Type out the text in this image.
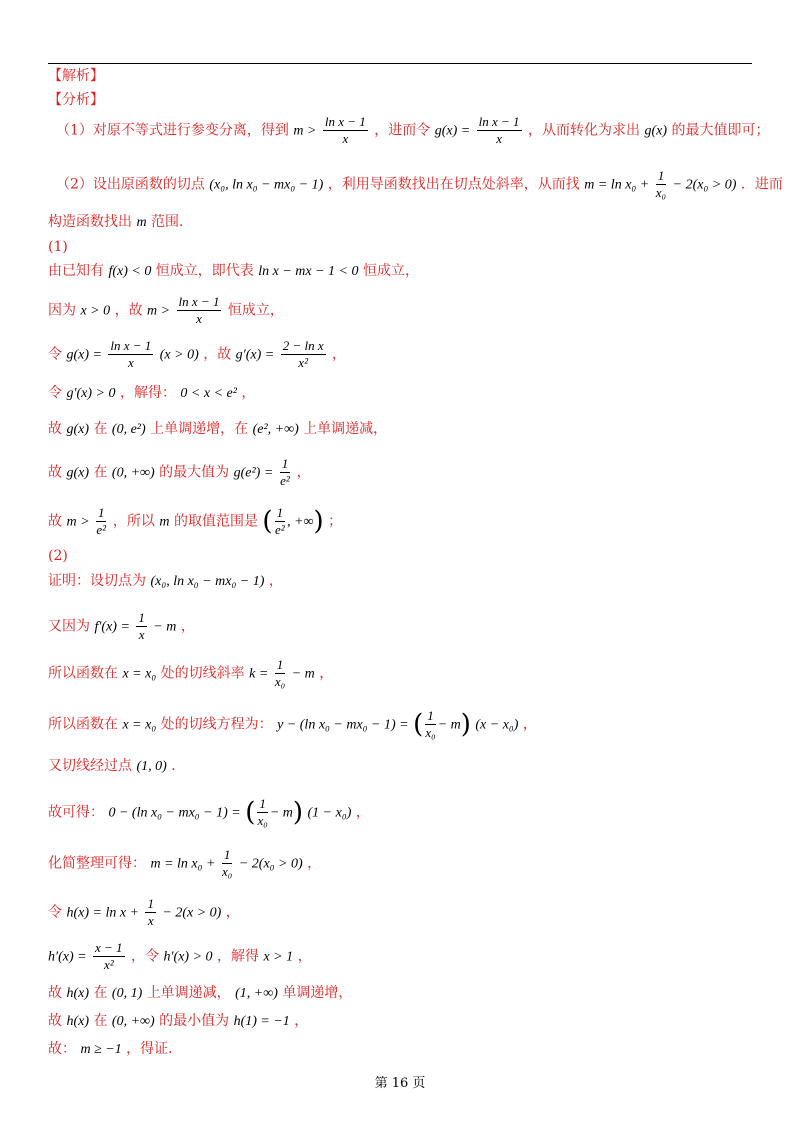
【解析】
【分析】
（1）对原不等式进行参变分离，得到 $m > \frac{\text{ln x − 1}}{x}$ ，进而令 $g(x) = \frac{\text{ln x − 1}}{x}$ ，从而转化为求出 g(x) 的最大值即可；
（2）设出原函数的切点 (x₀, ln x₀ − mx₀ − 1) ，利用导函数找出在切点处斜率，从而找 $m = \ln x_0 + \frac{1}{\text{x₀}} - 2(x_0 > 0)$ ．进而
构造函数找出 m 范围．
(1)
由已知有 f(x) < 0 恒成立，即代表 ln x − mx − 1 < 0 恒成立，
因为 x > 0 ，故 $m > \frac{\text{ln x − 1}}{x}$ 恒成立，
令 $g(x) = \frac{\text{ln x − 1}}{x} (x > 0)$ ，故 $g'(x) = \frac{\text{2 − ln x}}{\text{x²}}$ ，
令 g′(x) > 0 ，解得： 0 < x < e² ，
故 g(x) 在 (0, e²) 上单调递增，在 (e², +∞) 上单调递减，
故 g(x) 在 (0, +∞) 的最大值为 $g(e^2) = \frac{1}{\text{e²}}$ ，
故 $m > \frac{1}{\text{e²}}$ ，所以 m 的取值范围是 ( $\frac{1}{\text{e²}}$ , +∞) ；
(2)
证明：设切点为 (x₀, ln x₀ − mx₀ − 1) ，
又因为 $f'(x) = \frac{1}{x} - m$ ，
所以函数在 x = x₀ 处的切线斜率 $k = \frac{1}{\text{x₀}} - m$ ，
所以函数在 x = x₀ 处的切线方程为： y − (ln x₀ − mx₀ − 1) = ( $\frac{1}{\text{x₀}} - m$) (x − x₀) ，
又切线经过点 (1, 0) ．
故可得： 0 − (ln x₀ − mx₀ − 1) = ( $\frac{1}{\text{x₀}} - m$) (1 − x₀) ，
化简整理可得： $m = \ln x_0 + \frac{1}{\text{x₀}} - 2(x_0 > 0)$ ，
令 $h(x) = \ln x + \frac{1}{x} - 2(x > 0)$ ，
$h'(x) = \frac{x - 1}{\text{x²}}$ ，令 h′(x) > 0 ，解得 x > 1 ，
故 h(x) 在 (0, 1) 上单调递减， (1, +∞) 单调递增，
故 h(x) 在 (0, +∞) 的最小值为 h(1) = −1 ，
故： m ≥ −1 ，得证．
第 16 页
